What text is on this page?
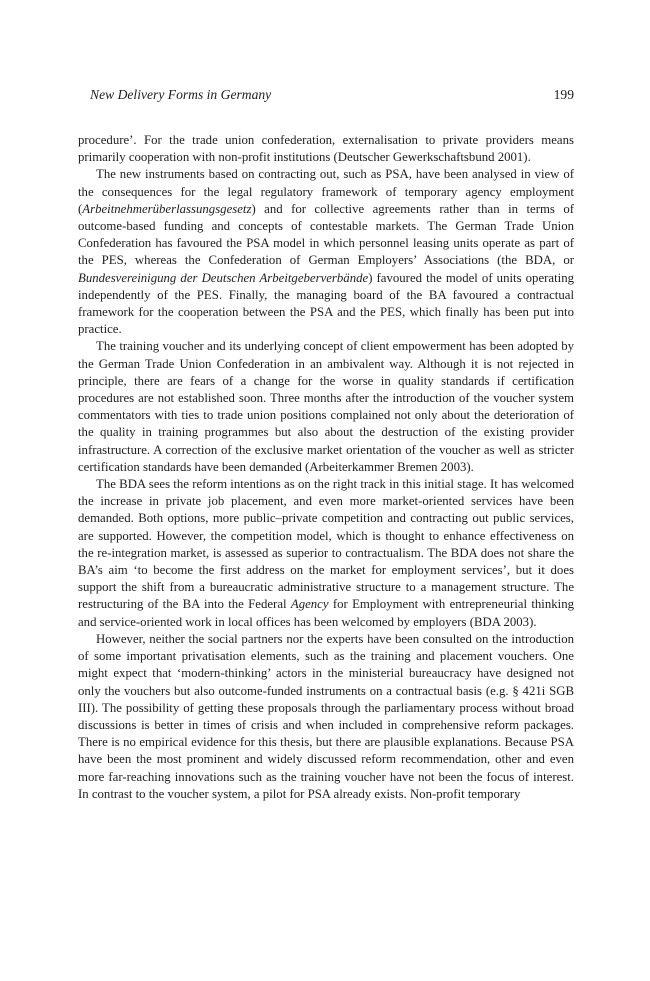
New Delivery Forms in Germany	199

procedure’. For the trade union confederation, externalisation to private providers means primarily cooperation with non-profit institutions (Deutscher Gewerkschaftsbund 2001).

The new instruments based on contracting out, such as PSA, have been analysed in view of the consequences for the legal regulatory framework of temporary agency employment (Arbeitnehmerüberlassungsgesetz) and for collective agreements rather than in terms of outcome-based funding and concepts of contestable markets. The German Trade Union Confederation has favoured the PSA model in which personnel leasing units operate as part of the PES, whereas the Confederation of German Employers’ Associations (the BDA, or Bundesvereinigung der Deutschen Arbeitgeberverbände) favoured the model of units operating independently of the PES. Finally, the managing board of the BA favoured a contractual framework for the cooperation between the PSA and the PES, which finally has been put into practice.

The training voucher and its underlying concept of client empowerment has been adopted by the German Trade Union Confederation in an ambivalent way. Although it is not rejected in principle, there are fears of a change for the worse in quality standards if certification procedures are not established soon. Three months after the introduction of the voucher system commentators with ties to trade union positions complained not only about the deterioration of the quality in training programmes but also about the destruction of the existing provider infrastructure. A correction of the exclusive market orientation of the voucher as well as stricter certification standards have been demanded (Arbeiterkammer Bremen 2003).

The BDA sees the reform intentions as on the right track in this initial stage. It has welcomed the increase in private job placement, and even more market-oriented services have been demanded. Both options, more public–private competition and contracting out public services, are supported. However, the competition model, which is thought to enhance effectiveness on the re-integration market, is assessed as superior to contractualism. The BDA does not share the BA’s aim ‘to become the first address on the market for employment services’, but it does support the shift from a bureaucratic administrative structure to a management structure. The restructuring of the BA into the Federal Agency for Employment with entrepreneurial thinking and service-oriented work in local offices has been welcomed by employers (BDA 2003).

However, neither the social partners nor the experts have been consulted on the introduction of some important privatisation elements, such as the training and placement vouchers. One might expect that ‘modern-thinking’ actors in the ministerial bureaucracy have designed not only the vouchers but also outcome-funded instruments on a contractual basis (e.g. § 421i SGB III). The possibility of getting these proposals through the parliamentary process without broad discussions is better in times of crisis and when included in comprehensive reform packages. There is no empirical evidence for this thesis, but there are plausible explanations. Because PSA have been the most prominent and widely discussed reform recommendation, other and even more far-reaching innovations such as the training voucher have not been the focus of interest. In contrast to the voucher system, a pilot for PSA already exists. Non-profit temporary
